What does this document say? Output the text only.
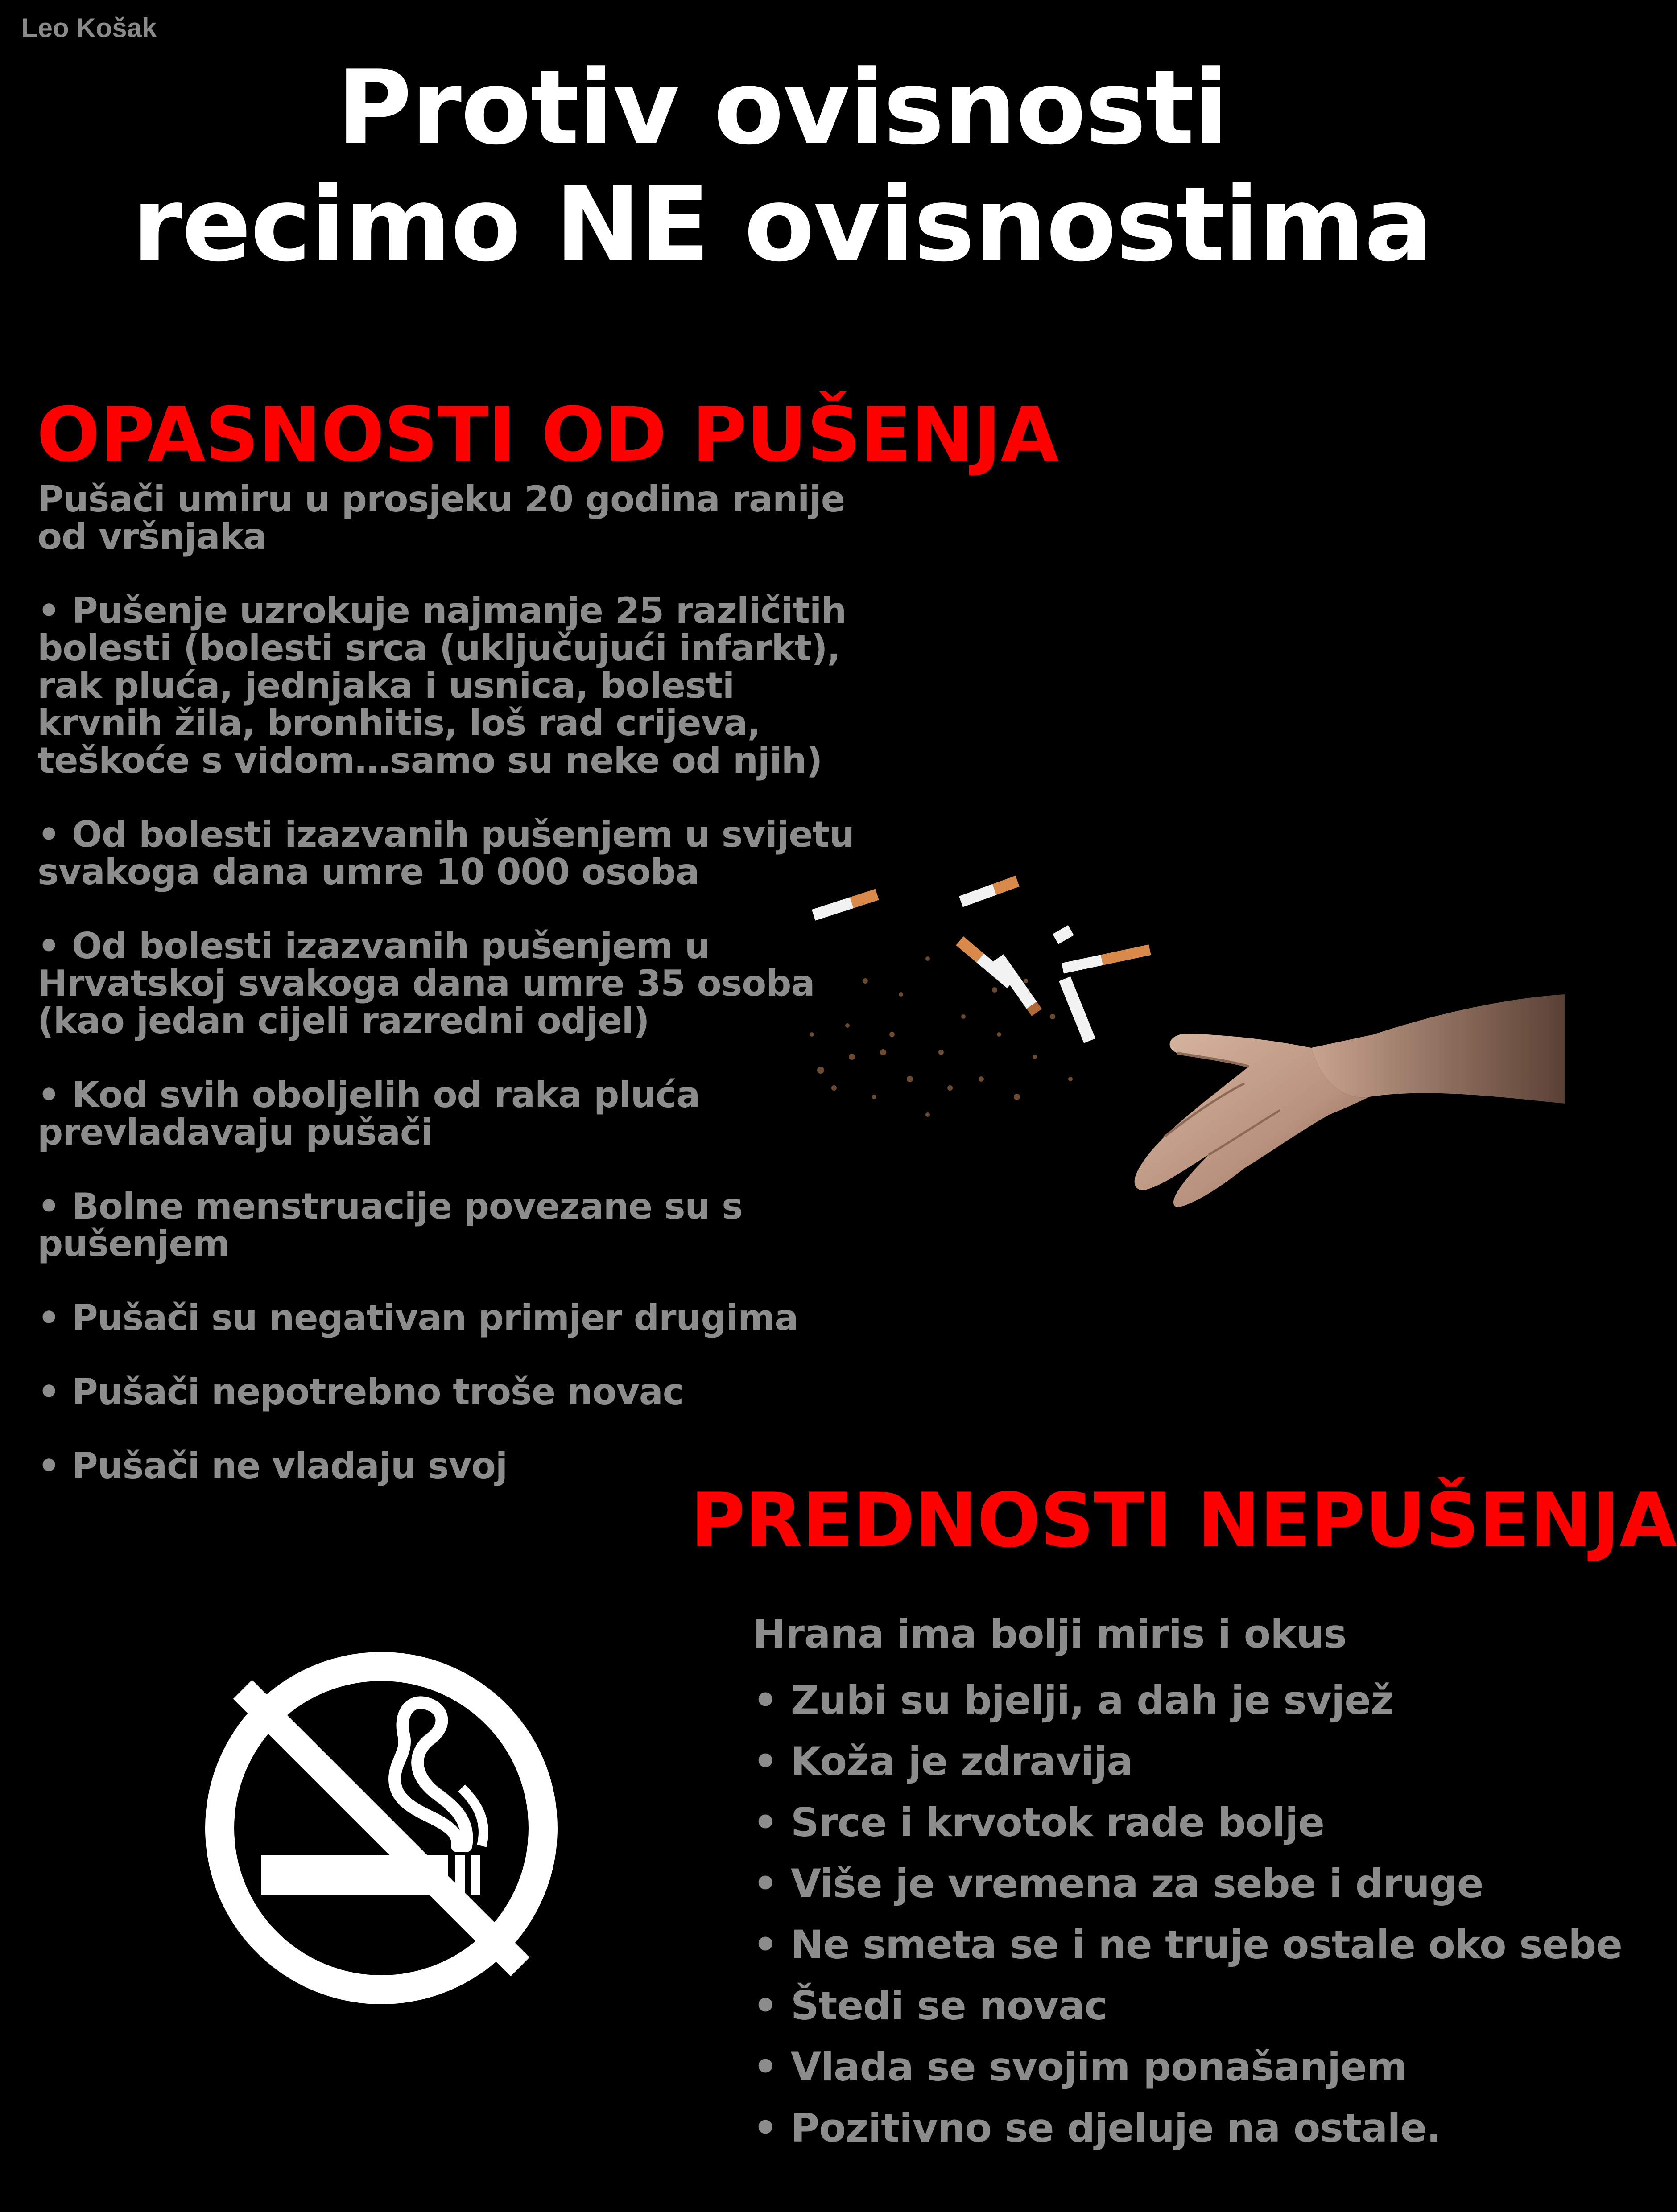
Leo Košak
Protiv ovisnosti
recimo NE ovisnostima
OPASNOSTI OD PUŠENJA
Pušači umiru u prosjeku 20 godina ranije od vršnjaka
• Pušenje uzrokuje najmanje 25 različitih bolesti (bolesti srca (uključujući infarkt), rak pluća, jednjaka i usnica, bolesti krvnih žila, bronhitis, loš rad crijeva, teškoće s vidom…samo su neke od njih)
• Od bolesti izazvanih pušenjem u svijetu svakoga dana umre 10 000 osoba
• Od bolesti izazvanih pušenjem u Hrvatskoj svakoga dana umre 35 osoba (kao jedan cijeli razredni odjel)
• Kod svih oboljelih od raka pluća prevladavaju pušači
• Bolne menstruacije povezane su s pušenjem
• Pušači su negativan primjer drugima
• Pušači nepotrebno troše novac
• Pušači ne vladaju svoj
PREDNOSTI NEPUŠENJA
Hrana ima bolji miris i okus
• Zubi su bjelji, a dah je svjež
• Koža je zdravija
• Srce i krvotok rade bolje
• Više je vremena za sebe i druge
• Ne smeta se i ne truje ostale oko sebe
• Štedi se novac
• Vlada se svojim ponašanjem
• Pozitivno se djeluje na ostale.
